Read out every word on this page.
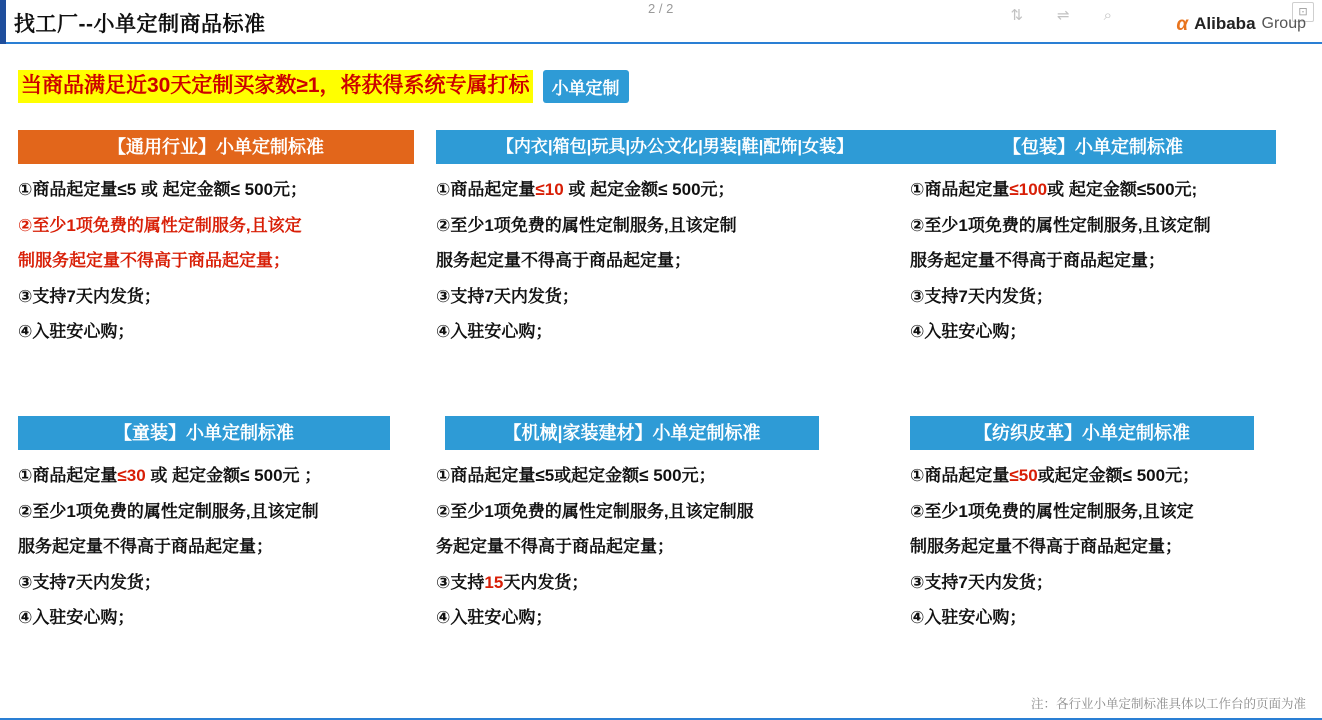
找工厂--小单定制商品标准
2 / 2	⇅ ⇌ ⌕	⊡
α Alibaba Group
当商品满足近30天定制买家数≥1，将获得系统专属打标	小单定制
【通用行业】小单定制标准
①商品起定量≤5 或 起定金额≤ 500元；
②至少1项免费的属性定制服务,且该定
制服务起定量不得高于商品起定量；
③支持7天内发货；
④入驻安心购；
【内衣|箱包|玩具|办公文化|男装|鞋|配饰|女装】
①商品起定量≤10 或 起定金额≤ 500元；
②至少1项免费的属性定制服务,且该定制
服务起定量不得高于商品起定量；
③支持7天内发货；
④入驻安心购；
【包装】小单定制标准
①商品起定量≤100或 起定金额≤500元;
②至少1项免费的属性定制服务,且该定制
服务起定量不得高于商品起定量；
③支持7天内发货；
④入驻安心购；
【童装】小单定制标准
①商品起定量≤30 或 起定金额≤ 500元 ；
②至少1项免费的属性定制服务,且该定制
服务起定量不得高于商品起定量；
③支持7天内发货；
④入驻安心购；
【机械|家装建材】小单定制标准
①商品起定量≤5或起定金额≤ 500元；
②至少1项免费的属性定制服务,且该定制服
务起定量不得高于商品起定量；
③支持15天内发货；
④入驻安心购；
【纺织皮革】小单定制标准
①商品起定量≤50或起定金额≤ 500元；
②至少1项免费的属性定制服务,且该定
制服务起定量不得高于商品起定量；
③支持7天内发货；
④入驻安心购；
注：各行业小单定制标准具体以工作台的页面为准
